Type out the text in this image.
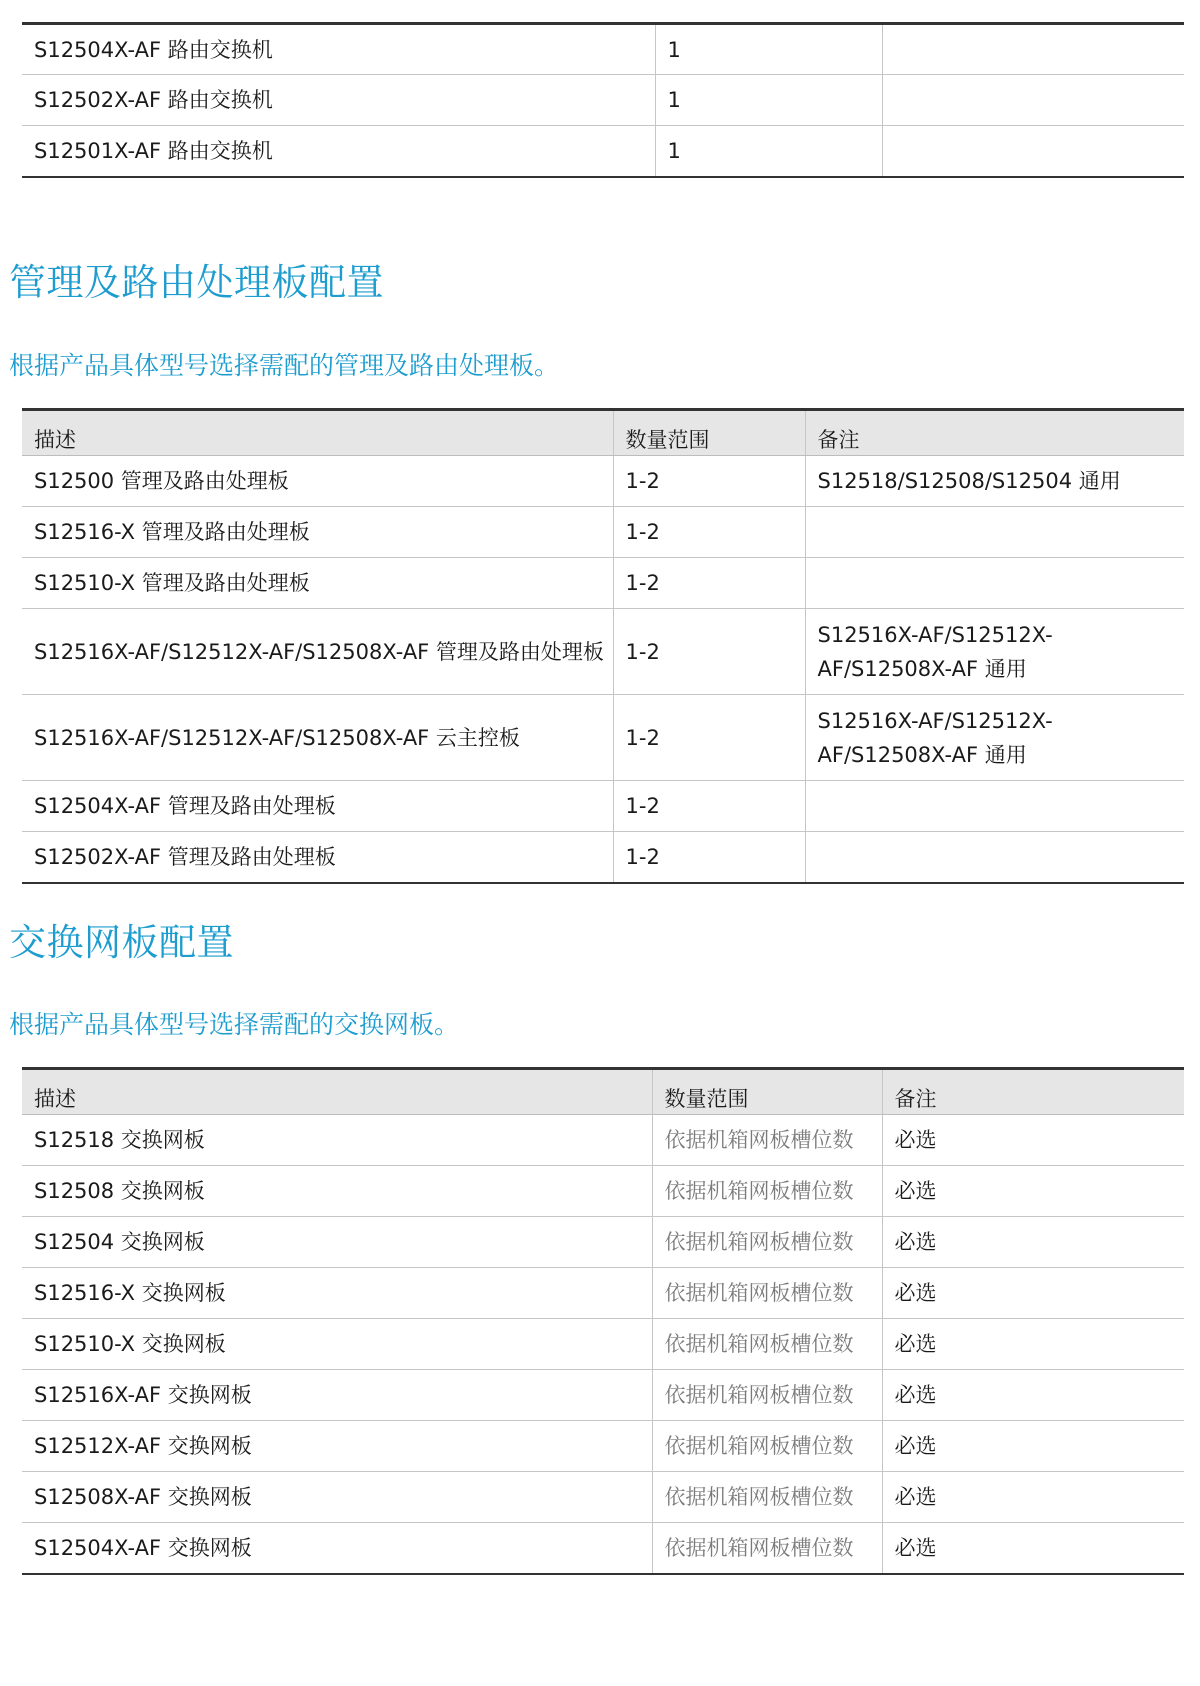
S12504X-AF 路由交换机	1	
S12502X-AF 路由交换机	1	
S12501X-AF 路由交换机	1	
管理及路由处理板配置

根据产品具体型号选择需配的管理及路由处理板。

描述	数量范围	备注
S12500 管理及路由处理板	1-2	S12518/S12508/S12504 通用
S12516-X 管理及路由处理板	1-2	
S12510-X 管理及路由处理板	1-2	
S12516X-AF/S12512X-AF/S12508X-AF 管理及路由处理板	1-2	S12516X-AF/S12512X-AF/S12508X-AF 通用
S12516X-AF/S12512X-AF/S12508X-AF 云主控板	1-2	S12516X-AF/S12512X-AF/S12508X-AF 通用
S12504X-AF 管理及路由处理板	1-2	
S12502X-AF 管理及路由处理板	1-2	
交换网板配置

根据产品具体型号选择需配的交换网板。

描述	数量范围	备注
S12518 交换网板	依据机箱网板槽位数	必选
S12508 交换网板	依据机箱网板槽位数	必选
S12504 交换网板	依据机箱网板槽位数	必选
S12516-X 交换网板	依据机箱网板槽位数	必选
S12510-X 交换网板	依据机箱网板槽位数	必选
S12516X-AF 交换网板	依据机箱网板槽位数	必选
S12512X-AF 交换网板	依据机箱网板槽位数	必选
S12508X-AF 交换网板	依据机箱网板槽位数	必选
S12504X-AF 交换网板	依据机箱网板槽位数	必选
